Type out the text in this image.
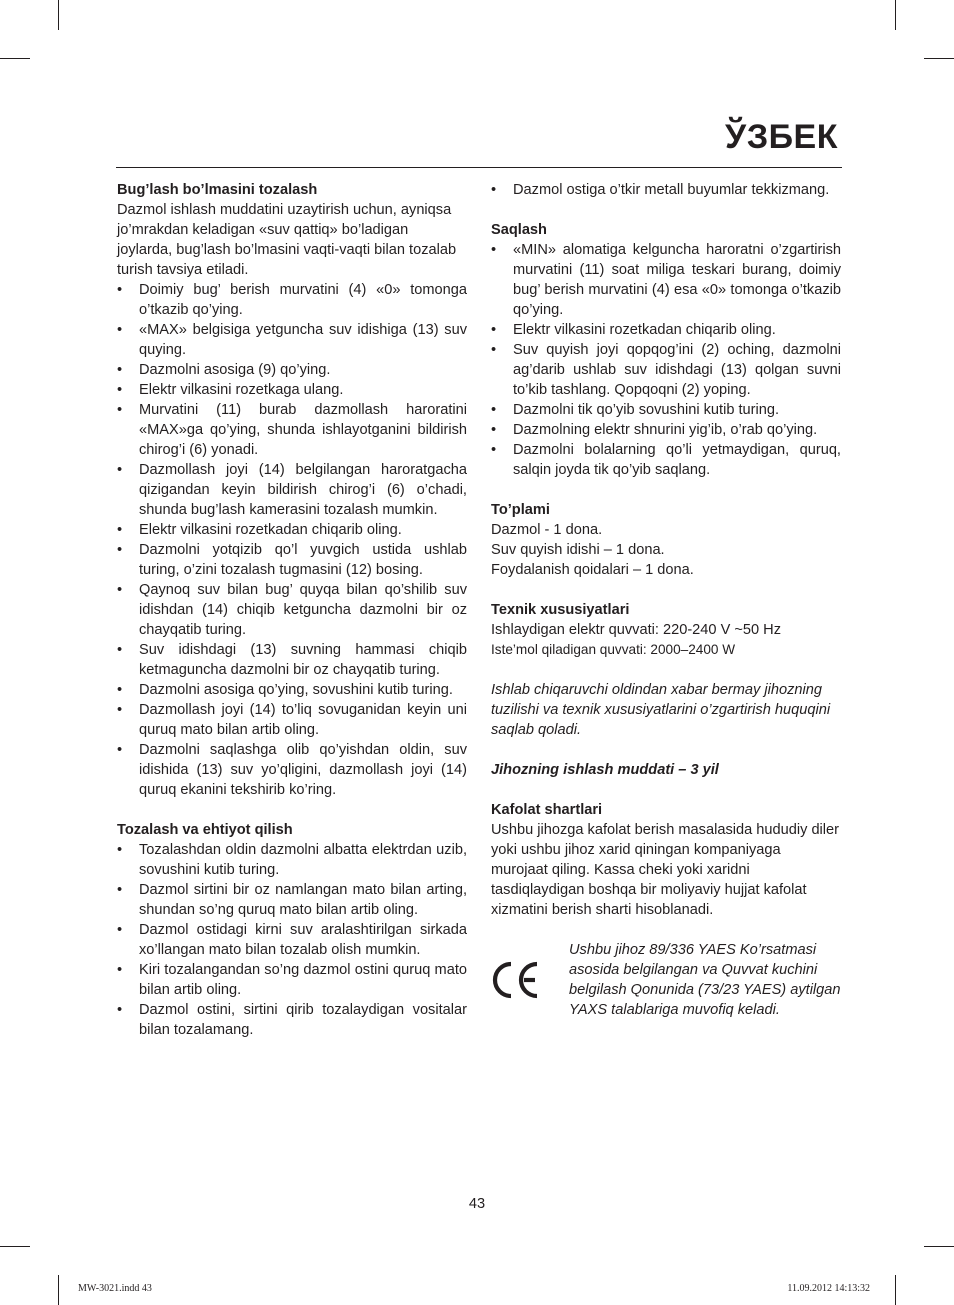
ЎЗБЕК

Bug’lash bo’lmasini tozalash

Dazmol ishlash muddatini uzaytirish uchun, ayniqsa jo’mrakdan keladigan «suv qattiq» bo’ladigan joylarda, bug’lash bo’lmasini vaqti-vaqti bilan tozalab turish tavsiya etiladi.

• Doimiy bug’ berish murvatini (4) «0» tomonga o’tkazib qo’ying.
• «MAX» belgisiga yetguncha suv idishiga (13) suv quying.
• Dazmolni asosiga (9) qo’ying.
• Elektr vilkasini rozetkaga ulang.
• Murvatini (11) burab dazmollash haroratini «MAX»ga qo’ying, shunda ishlayotganini bildirish chirog’i (6) yonadi.
• Dazmollash joyi (14) belgilangan haroratgacha qizigandan keyin bildirish chirog’i (6) o’chadi, shunda bug’lash kamerasini tozalash mumkin.
• Elektr vilkasini rozetkadan chiqarib oling.
• Dazmolni yotqizib qo’l yuvgich ustida ushlab turing, o’zini tozalash tugmasini (12) bosing.
• Qaynoq suv bilan bug’ quyqa bilan qo’shilib suv idishdan (14) chiqib ketguncha dazmolni bir oz chayqatib turing.
• Suv idishdagi (13) suvning hammasi chiqib ketmaguncha dazmolni bir oz chayqatib turing.
• Dazmolni asosiga qo’ying, sovushini kutib turing.
• Dazmollash joyi (14) to’liq sovuganidan keyin uni quruq mato bilan artib oling.
• Dazmolni saqlashga olib qo’yishdan oldin, suv idishida (13) suv yo’qligini, dazmollash joyi (14) quruq ekanini tekshirib ko’ring.

Tozalash va ehtiyot qilish

• Tozalashdan oldin dazmolni albatta elektrdan uzib, sovushini kutib turing.
• Dazmol sirtini bir oz namlangan mato bilan arting, shundan so’ng quruq mato bilan artib oling.
• Dazmol ostidagi kirni suv aralashtirilgan sirkada xo’llangan mato bilan tozalab olish mumkin.
• Kiri tozalangandan so’ng dazmol ostini quruq mato bilan artib oling.
• Dazmol ostini, sirtini qirib tozalaydigan vositalar bilan tozalamang.
• Dazmol ostiga o’tkir metall buyumlar tekkizmang.

Saqlash

• «MIN» alomatiga kelguncha haroratni o’zgartirish murvatini (11) soat miliga teskari burang, doimiy bug’ berish murvatini (4) esa «0» tomonga o’tkazib qo’ying.
• Elektr vilkasini rozetkadan chiqarib oling.
• Suv quyish joyi qopqog’ini (2) oching, dazmolni ag’darib ushlab suv idishdagi (13) qolgan suvni to’kib tashlang. Qopqoqni (2) yoping.
• Dazmolni tik qo’yib sovushini kutib turing.
• Dazmolning elektr shnurini yig’ib, o’rab qo’ying.
• Dazmolni bolalarning qo’li yetmaydigan, quruq, salqin joyda tik qo’yib saqlang.

To’plami

Dazmol - 1 dona.

Suv quyish idishi – 1 dona.

Foydalanish qoidalari – 1 dona.

Texnik xususiyatlari

Ishlaydigan elektr quvvati: 220-240 V ~50 Hz

Iste’mol qiladigan quvvati: 2000–2400 W

Ishlab chiqaruvchi oldindan xabar bermay jihozning tuzilishi va texnik xususiyatlarini o’zgartirish huquqini saqlab qoladi.

Jihozning ishlash muddati – 3 yil

Kafolat shartlari

Ushbu jihozga kafolat berish masalasida hududiy diler yoki ushbu jihoz xarid qiningan kompaniyaga murojaat qiling. Kassa cheki yoki xaridni tasdiqlaydigan boshqa bir moliyaviy hujjat kafolat xizmatini berish sharti hisoblanadi.

Ushbu jihoz 89/336 YAES Ko’rsatmasi asosida belgilangan va Quvvat kuchini belgilash Qonunida (73/23 YAES) aytilgan YAXS talablariga muvofiq keladi.
43
MW-3021.indd 43	11.09.2012 14:13:32
